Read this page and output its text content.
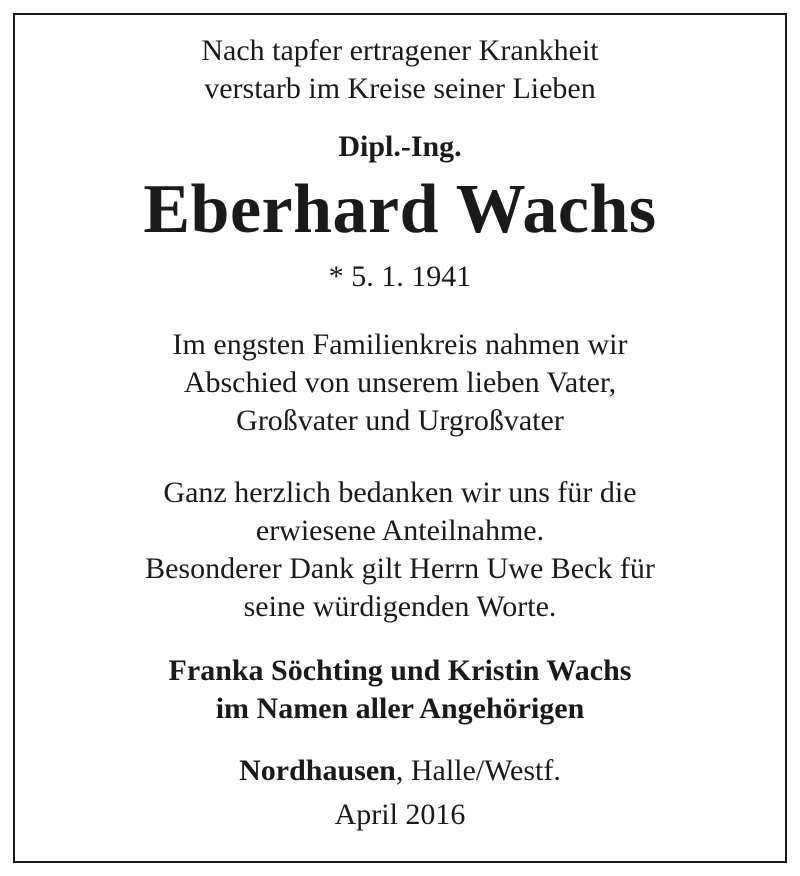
Nach tapfer ertragener Krankheit
verstarb im Kreise seiner Lieben
Dipl.-Ing.
Eberhard Wachs
* 5. 1. 1941
Im engsten Familienkreis nahmen wir
Abschied von unserem lieben Vater,
Großvater und Urgroßvater
Ganz herzlich bedanken wir uns für die
erwiesene Anteilnahme.
Besonderer Dank gilt Herrn Uwe Beck für
seine würdigenden Worte.
Franka Söchting und Kristin Wachs
im Namen aller Angehörigen
Nordhausen, Halle/Westf.
April 2016
